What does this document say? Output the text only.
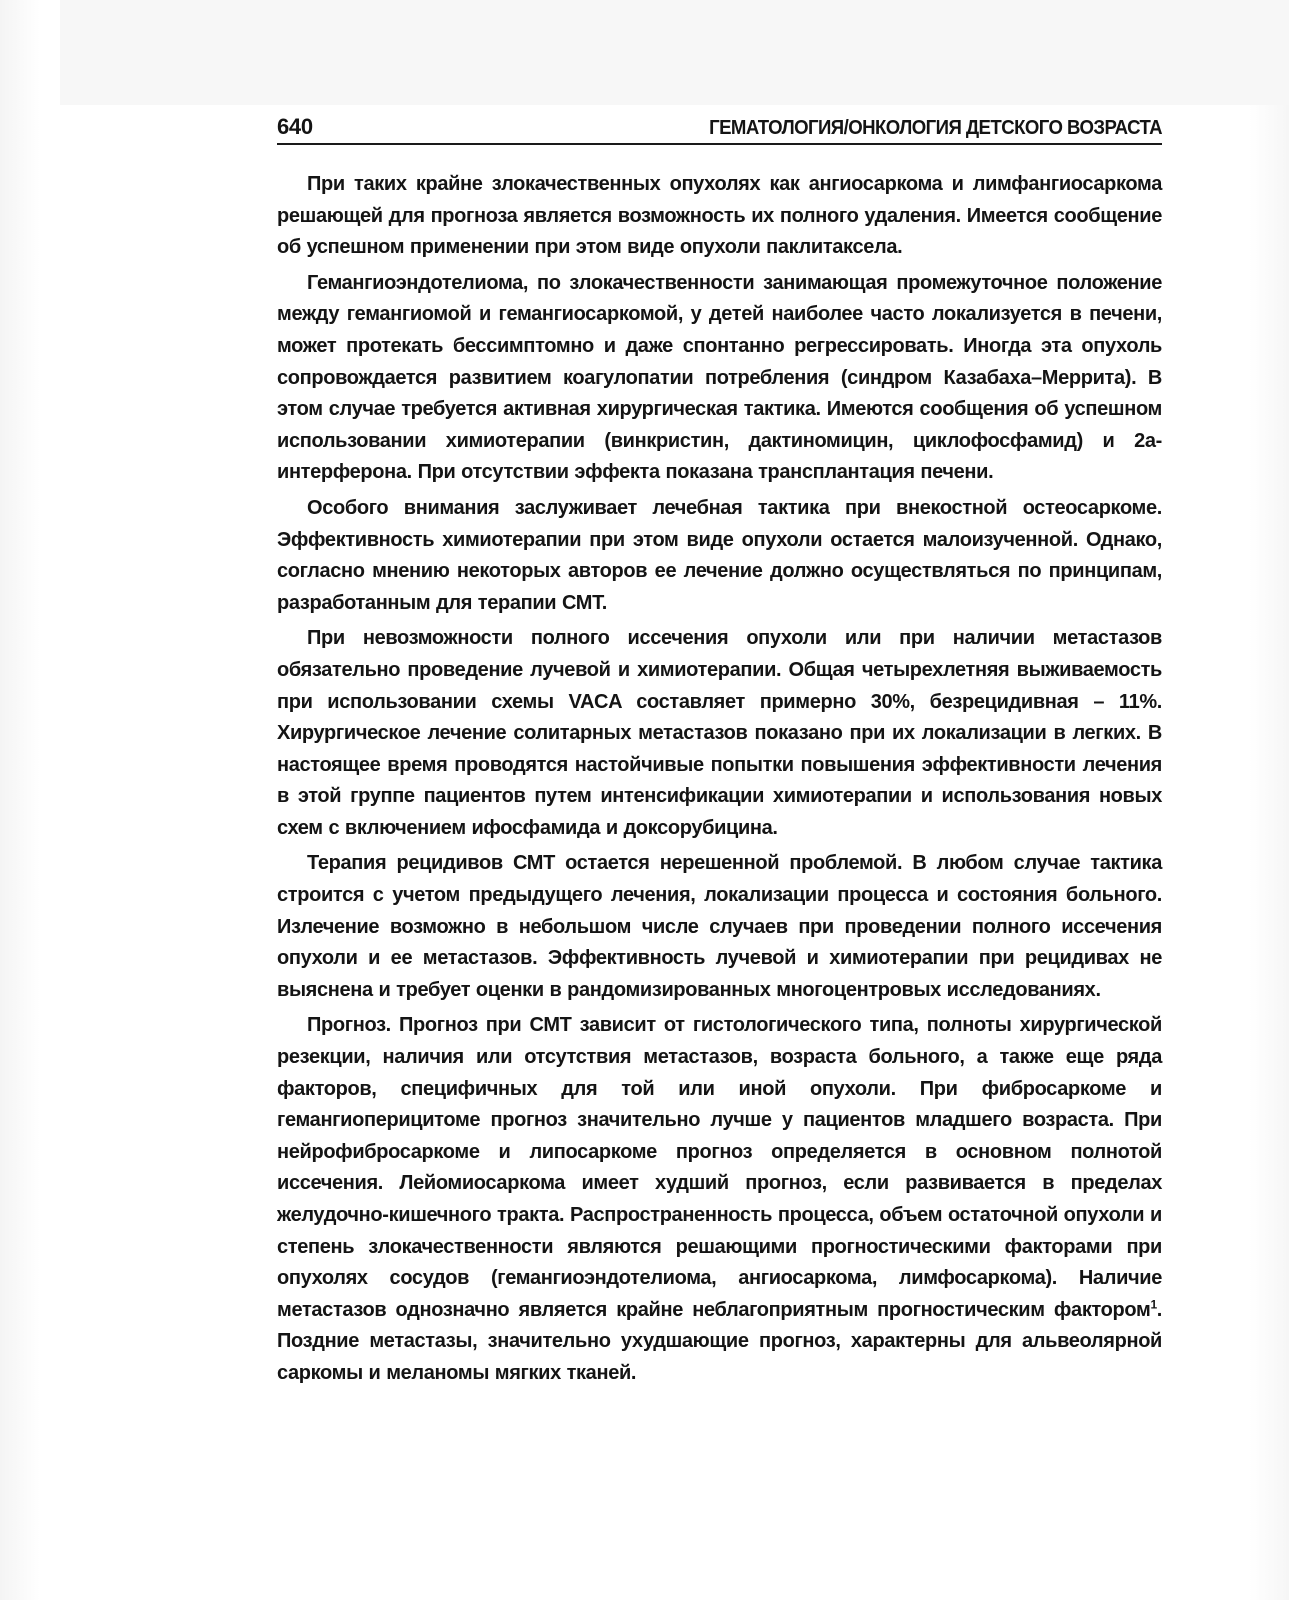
640	ГЕМАТОЛОГИЯ/ОНКОЛОГИЯ ДЕТСКОГО ВОЗРАСТА

При таких крайне злокачественных опухолях как ангиосаркома и лимфангиосаркома решающей для прогноза является возможность их полного удаления. Имеется сообщение об успешном применении при этом виде опухоли паклитаксела.

Гемангиоэндотелиома, по злокачественности занимающая промежуточное положение между гемангиомой и гемангиосаркомой, у детей наиболее часто локализуется в печени, может протекать бессимптомно и даже спонтанно регрессировать. Иногда эта опухоль сопровождается развитием коагулопатии потребления (синдром Казабаха–Меррита). В этом случае требуется активная хирургическая тактика. Имеются сообщения об успешном использовании химиотерапии (винкристин, дактиномицин, циклофосфамид) и 2a-интерферона. При отсутствии эффекта показана трансплантация печени.

Особого внимания заслуживает лечебная тактика при внекостной остеосаркоме. Эффективность химиотерапии при этом виде опухоли остается малоизученной. Однако, согласно мнению некоторых авторов ее лечение должно осуществляться по принципам, разработанным для терапии СМТ.

При невозможности полного иссечения опухоли или при наличии метастазов обязательно проведение лучевой и химиотерапии. Общая четырехлетняя выживаемость при использовании схемы VACA составляет примерно 30%, безрецидивная – 11%. Хирургическое лечение солитарных метастазов показано при их локализации в легких. В настоящее время проводятся настойчивые попытки повышения эффективности лечения в этой группе пациентов путем интенсификации химиотерапии и использования новых схем с включением ифосфамида и доксорубицина.

Терапия рецидивов СМТ остается нерешенной проблемой. В любом случае тактика строится с учетом предыдущего лечения, локализации процесса и состояния больного. Излечение возможно в небольшом числе случаев при проведении полного иссечения опухоли и ее метастазов. Эффективность лучевой и химиотерапии при рецидивах не выяснена и требует оценки в рандомизированных многоцентровых исследованиях.

Прогноз. Прогноз при СМТ зависит от гистологического типа, полноты хирургической резекции, наличия или отсутствия метастазов, возраста больного, а также еще ряда факторов, специфичных для той или иной опухоли. При фибросаркоме и гемангиоперицитоме прогноз значительно лучше у пациентов младшего возраста. При нейрофибросаркоме и липосаркоме прогноз определяется в основном полнотой иссечения. Лейомиосаркома имеет худший прогноз, если развивается в пределах желудочно-кишечного тракта. Распространенность процесса, объем остаточной опухоли и степень злокачественности являются решающими прогностическими факторами при опухолях сосудов (гемангиоэндотелиома, ангиосаркома, лимфосаркома). Наличие метастазов однозначно является крайне неблагоприятным прогностическим фактором$^1$. Поздние метастазы, значительно ухудшающие прогноз, характерны для альвеолярной саркомы и меланомы мягких тканей.
